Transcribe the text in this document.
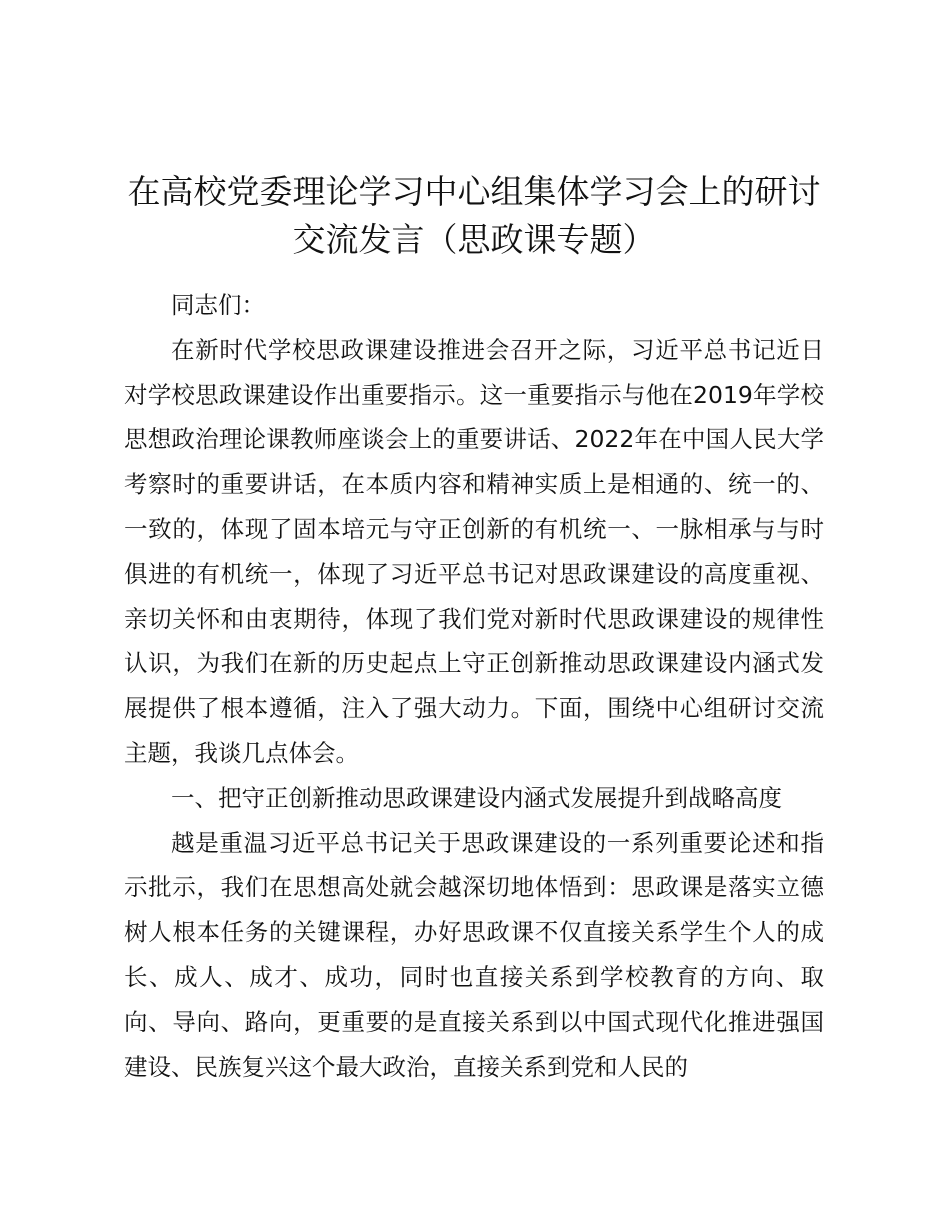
在高校党委理论学习中心组集体学习会上的研讨交流发言（思政课专题）

同志们：

在新时代学校思政课建设推进会召开之际，习近平总书记近日对学校思政课建设作出重要指示。这一重要指示与他在2019年学校思想政治理论课教师座谈会上的重要讲话、2022年在中国人民大学考察时的重要讲话，在本质内容和精神实质上是相通的、统一的、一致的，体现了固本培元与守正创新的有机统一、一脉相承与与时俱进的有机统一，体现了习近平总书记对思政课建设的高度重视、亲切关怀和由衷期待，体现了我们党对新时代思政课建设的规律性认识，为我们在新的历史起点上守正创新推动思政课建设内涵式发展提供了根本遵循，注入了强大动力。下面，围绕中心组研讨交流主题，我谈几点体会。

一、把守正创新推动思政课建设内涵式发展提升到战略高度

越是重温习近平总书记关于思政课建设的一系列重要论述和指示批示，我们在思想高处就会越深切地体悟到：思政课是落实立德树人根本任务的关键课程，办好思政课不仅直接关系学生个人的成长、成人、成才、成功，同时也直接关系到学校教育的方向、取向、导向、路向，更重要的是直接关系到以中国式现代化推进强国建设、民族复兴这个最大政治，直接关系到党和人民的
